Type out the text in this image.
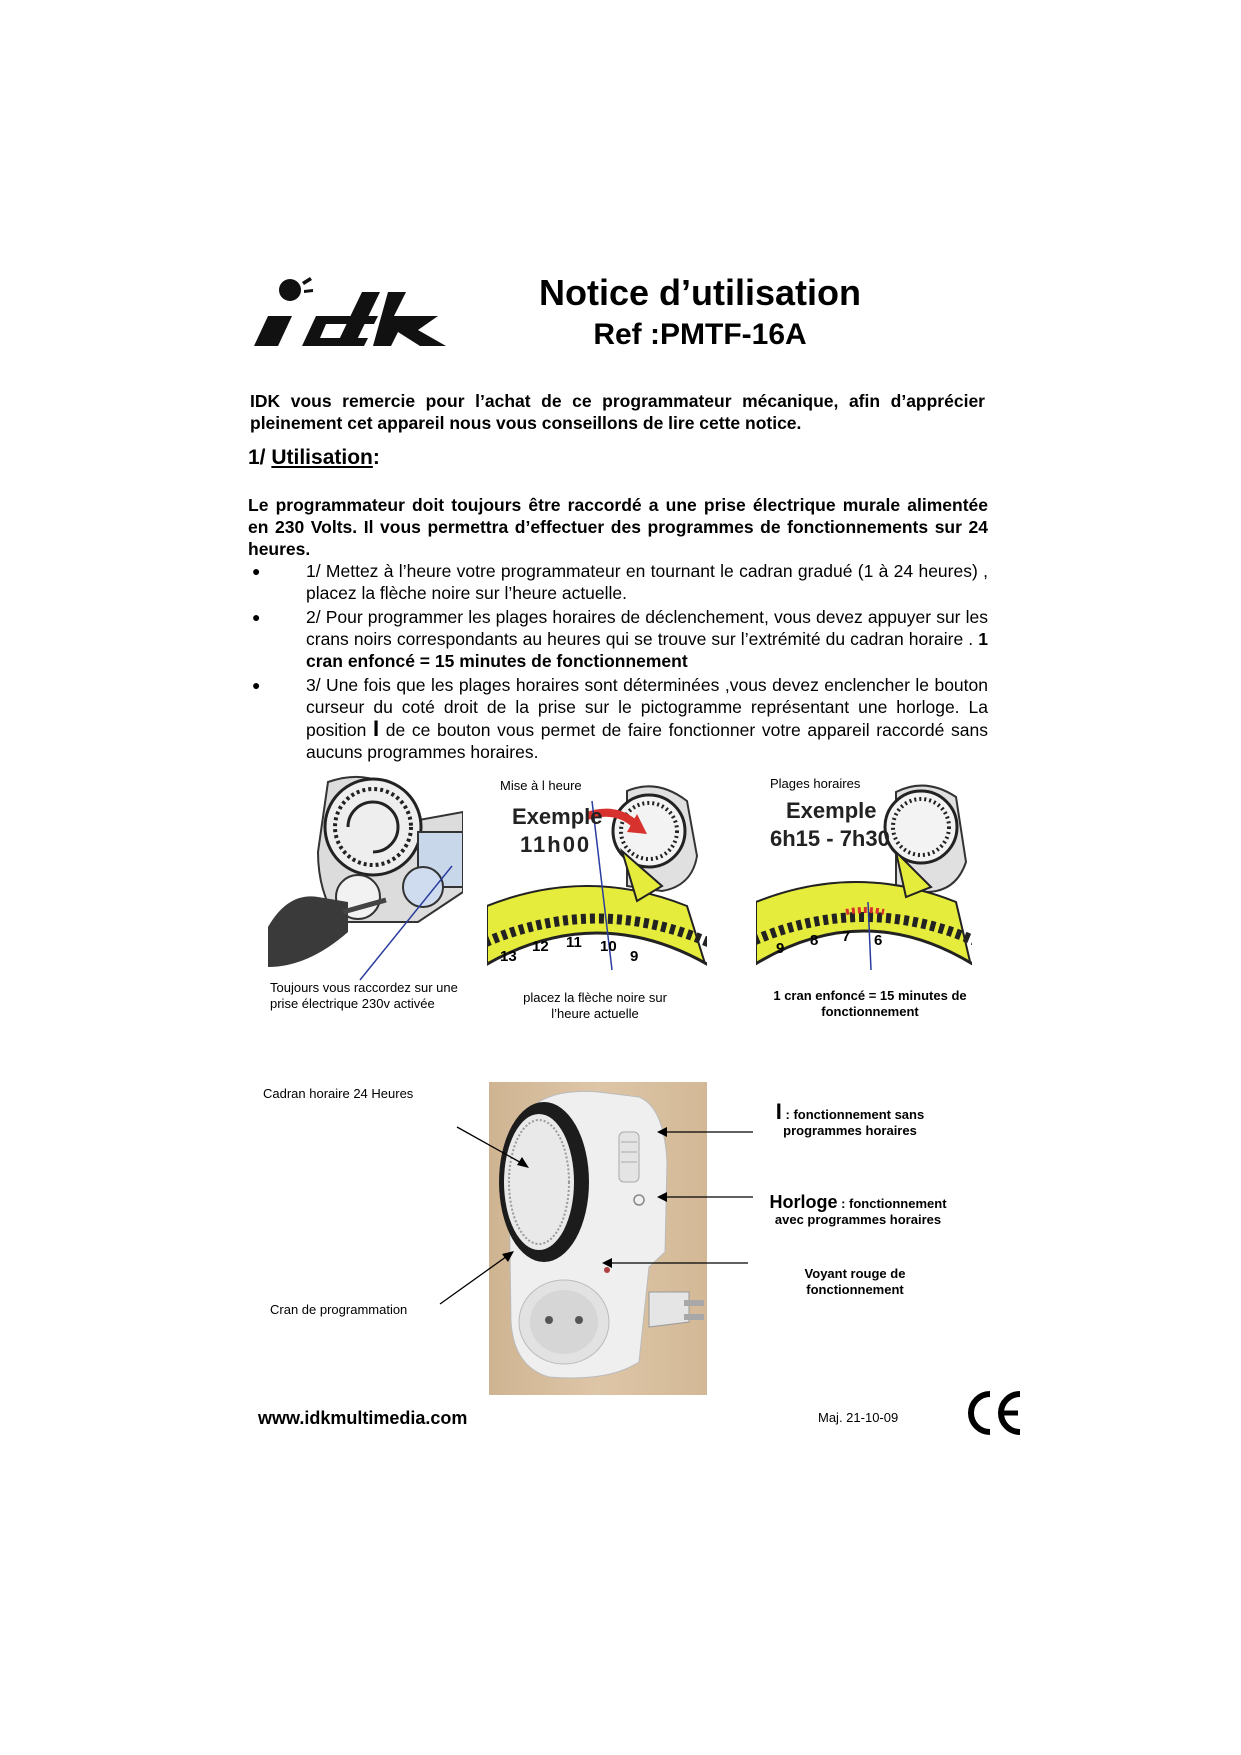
Notice d’utilisation
Ref :PMTF-16A
IDK vous remercie pour l’achat de ce programmateur mécanique, afin d’apprécier pleinement cet appareil nous vous conseillons de lire cette notice.
1/ Utilisation:
Le programmateur doit toujours être raccordé a une prise électrique murale alimentée en 230 Volts. Il vous permettra d’effectuer des programmes de fonctionnements sur 24 heures.
●	1/ Mettez à l’heure votre programmateur en tournant le cadran gradué (1 à 24 heures) , placez la flèche noire sur l’heure actuelle.
●	2/ Pour programmer les plages horaires de déclenchement, vous devez appuyer sur les crans noirs correspondants au heures qui se trouve sur l’extrémité du cadran horaire . 1 cran enfoncé = 15 minutes de fonctionnement
●	3/ Une fois que les plages horaires sont déterminées ,vous devez enclencher le bouton curseur du coté droit de la prise sur le pictogramme représentant une horloge. La position I de ce bouton vous permet de faire fonctionner votre appareil raccordé sans aucuns programmes horaires.
Toujours vous raccordez sur une prise électrique 230v activée
Mise à l heure
Exemple
11h00
13
12 11 10
9
placez la flèche noire sur l’heure actuelle
Plages horaires
Exemple
6h15 - 7h30
9 8 7 6
1 cran enfoncé = 15 minutes de fonctionnement
Cadran horaire 24 Heures
Cran de programmation
I : fonctionnement sans programmes horaires
Horloge : fonctionnement avec programmes horaires
Voyant rouge de fonctionnement
www.idkmultimedia.com	Maj. 21-10-09
